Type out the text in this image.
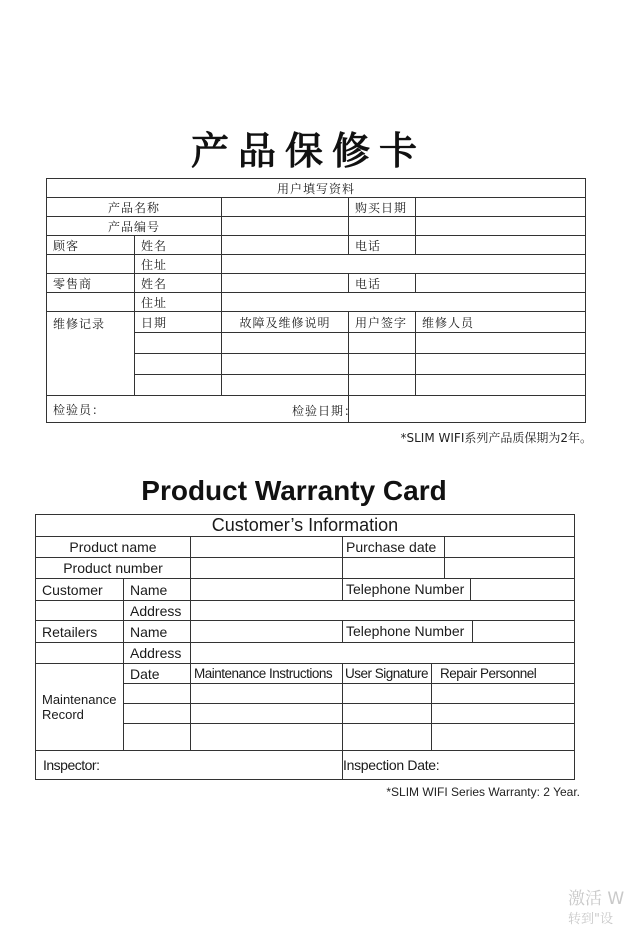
产品保修卡
用户填写资料				
产品名称			购买日期	
产品编号				
顾客	姓名		电话	
	住址			
零售商	姓名		电话	
	住址			
维修记录	日期	故障及维修说明	用户签字	维修人员

检验员：			检验日期：	
*SLIM WIFI系列产品质保期为2年。
Product Warranty Card
Customer’s Information				
Product name			Purchase date	

Product number				

Customer	Name		Telephone Number	

	Address			
Retailers	Name		Telephone Number	

	Address			
Maintenance Record	Date	Maintenance Instructions	User Signature	Repair Personnel

Inspector:			Inspection Date:	
*SLIM WIFI Series Warranty: 2 Year.
激活 W
转到"设
